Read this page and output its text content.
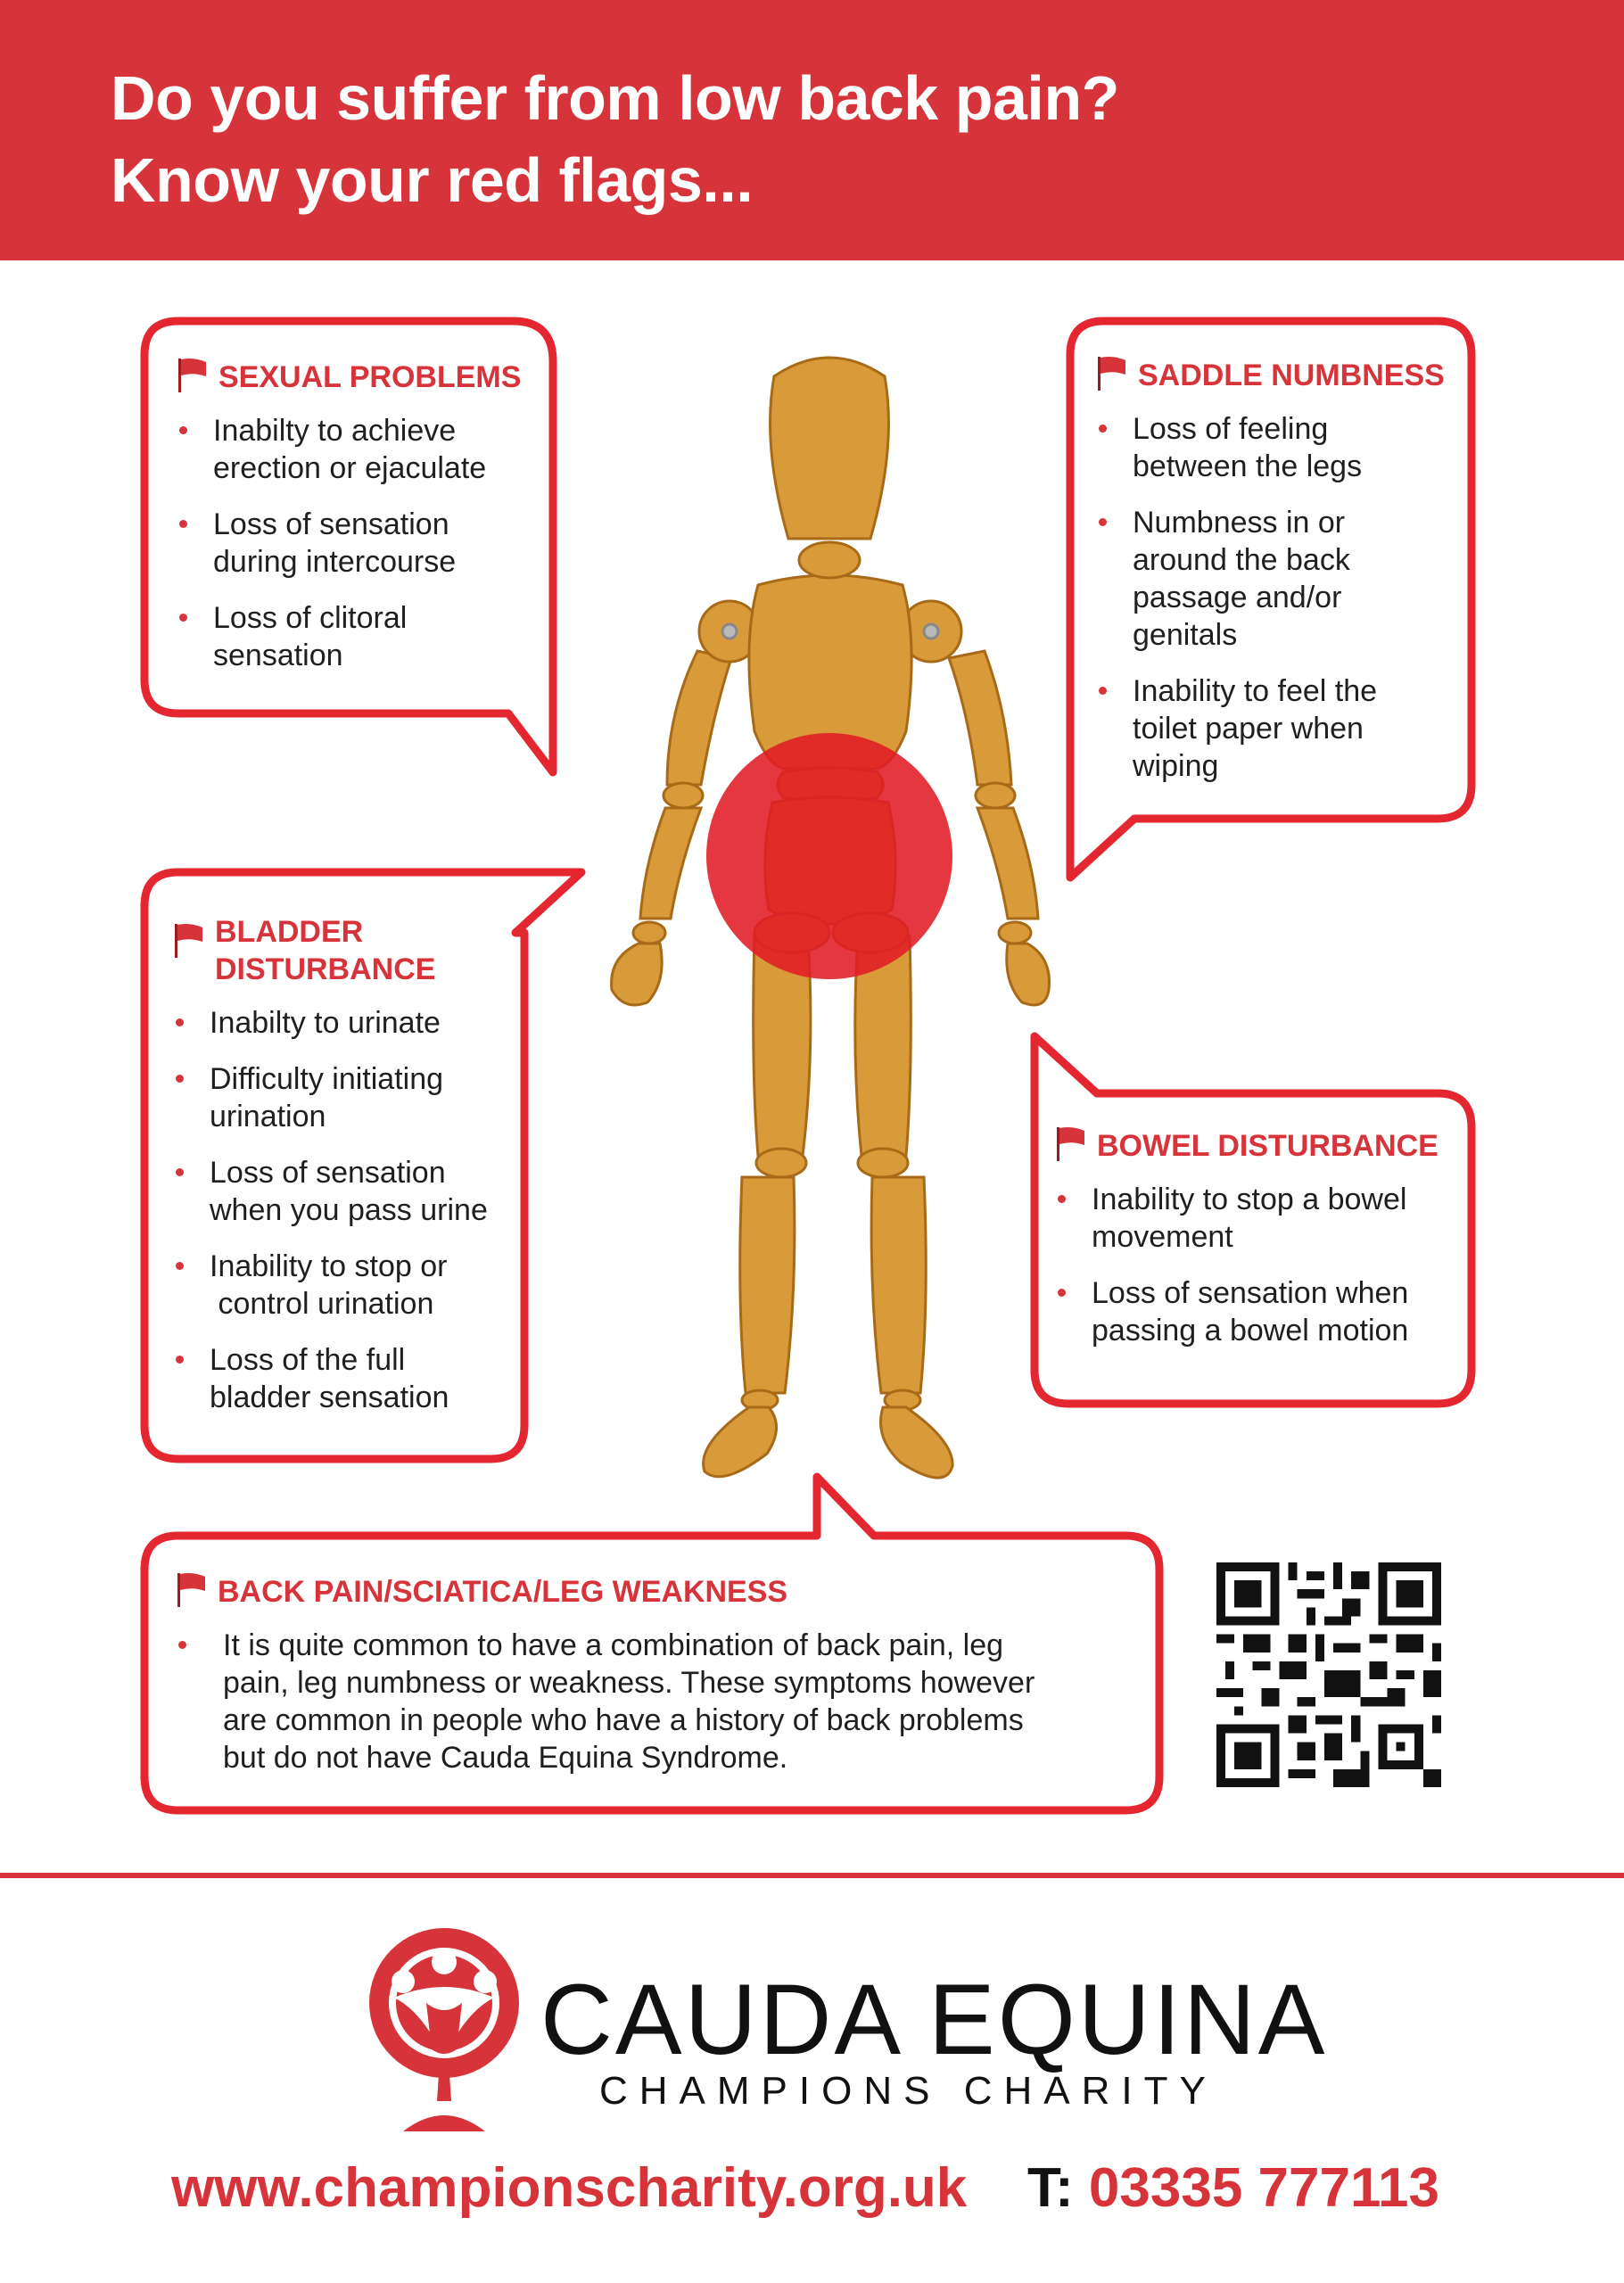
Do you suffer from low back pain?
Know your red flags...
SEXUAL PROBLEMS
Inabilty to achieve
erection or ejaculate
Loss of sensation
during intercourse
Loss of clitoral
sensation
SADDLE NUMBNESS
Loss of feeling
between the legs
Numbness in or
around the back
passage and/or
genitals
Inability to feel the
toilet paper when
wiping
BLADDER
DISTURBANCE
Inabilty to urinate
Difficulty initiating
urination
Loss of sensation
when you pass urine
Inability to stop or
control urination
Loss of the full
bladder sensation
BOWEL DISTURBANCE
Inability to stop a bowel
movement
Loss of sensation when
passing a bowel motion
BACK PAIN/SCIATICA/LEG WEAKNESS
It is quite common to have a combination of back pain, leg
pain, leg numbness or weakness. These symptoms however
are common in people who have a history of back problems
but do not have Cauda Equina Syndrome.
CAUDA EQUINA
CHAMPIONS CHARITY
www.championscharity.org.uk T: 03335 777113
